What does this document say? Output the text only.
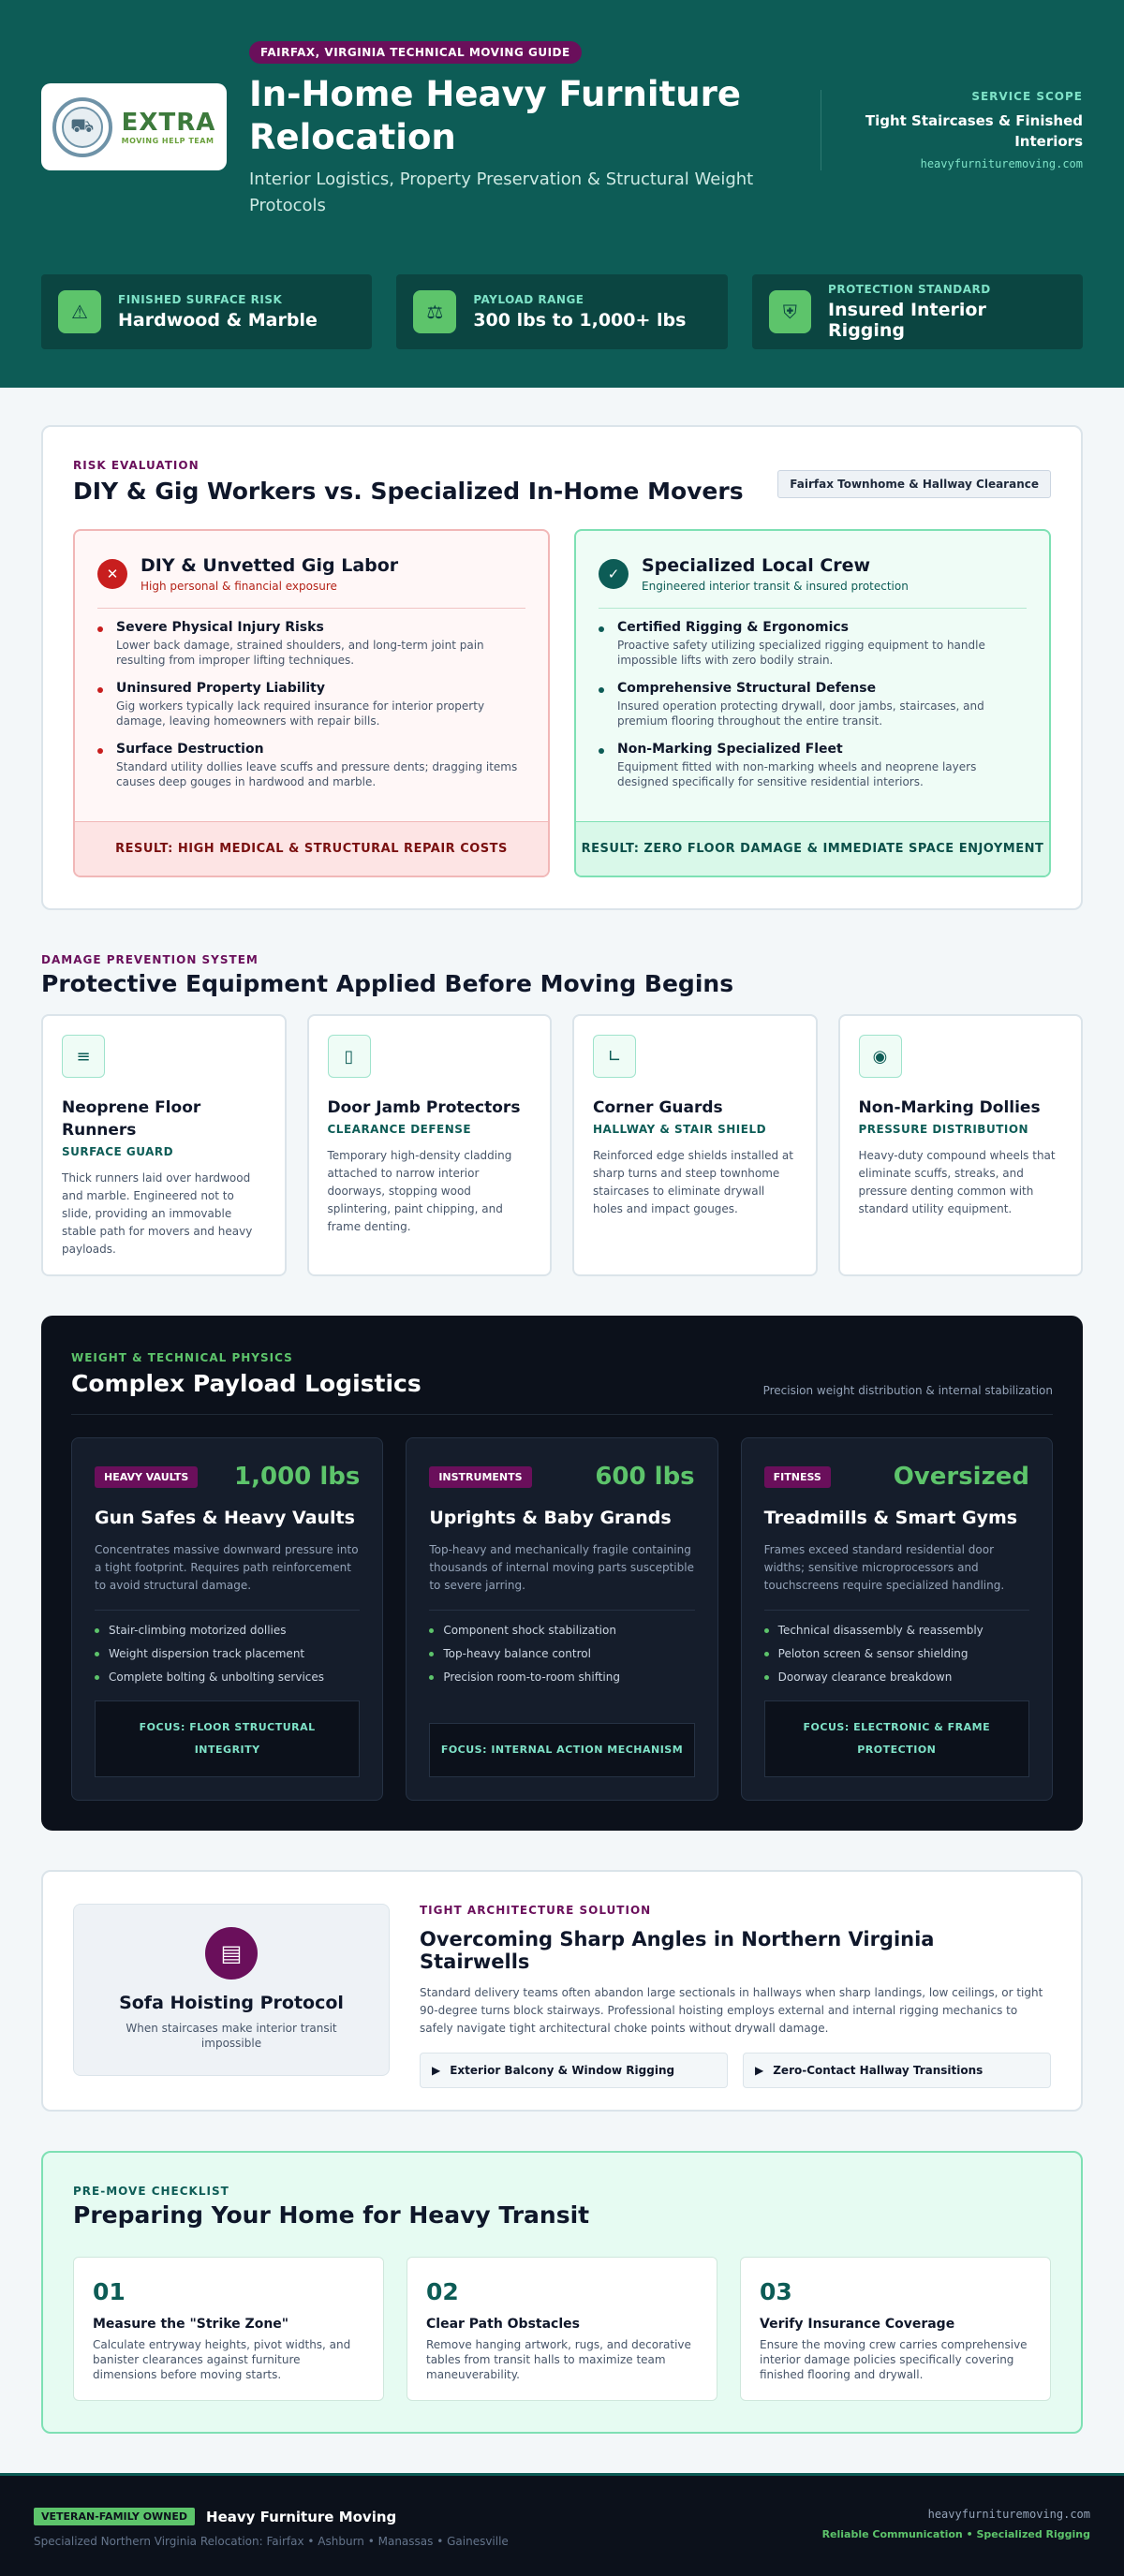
⛟	EXTRA
MOVING HELP TEAM
FAIRFAX, VIRGINIA TECHNICAL MOVING GUIDE
In-Home Heavy Furniture Relocation

Interior Logistics, Property Preservation & Structural Weight Protocols

SERVICE SCOPE
Tight Staircases & Finished Interiors
heavyfurnituremoving.com
⚠
FINISHED SURFACE RISK
Hardwood & Marble	⚖
PAYLOAD RANGE
300 lbs to 1,000+ lbs	⛨
PROTECTION STANDARD
Insured Interior Rigging
RISK EVALUATION
DIY & Gig Workers vs. Specialized In-Home Movers	Fairfax Townhome & Hallway Clearance
✕	DIY & Unvetted Gig Labor
High personal & financial exposure
Severe Physical Injury Risks
Lower back damage, strained shoulders, and long-term joint pain resulting from improper lifting techniques.
Uninsured Property Liability
Gig workers typically lack required insurance for interior property damage, leaving homeowners with repair bills.
Surface Destruction
Standard utility dollies leave scuffs and pressure dents; dragging items causes deep gouges in hardwood and marble.
RESULT: HIGH MEDICAL & STRUCTURAL REPAIR COSTS
✓	Specialized Local Crew
Engineered interior transit & insured protection
Certified Rigging & Ergonomics
Proactive safety utilizing specialized rigging equipment to handle impossible lifts with zero bodily strain.
Comprehensive Structural Defense
Insured operation protecting drywall, door jambs, staircases, and premium flooring throughout the entire transit.
Non-Marking Specialized Fleet
Equipment fitted with non-marking wheels and neoprene layers designed specifically for sensitive residential interiors.
RESULT: ZERO FLOOR DAMAGE & IMMEDIATE SPACE ENJOYMENT
DAMAGE PREVENTION SYSTEM
Protective Equipment Applied Before Moving Begins
≡
Neoprene Floor Runners
SURFACE GUARD
Thick runners laid over hardwood and marble. Engineered not to slide, providing an immovable stable path for movers and heavy payloads.
▯
Door Jamb Protectors
CLEARANCE DEFENSE
Temporary high-density cladding attached to narrow interior doorways, stopping wood splintering, paint chipping, and frame denting.
∟
Corner Guards
HALLWAY & STAIR SHIELD
Reinforced edge shields installed at sharp turns and steep townhome staircases to eliminate drywall holes and impact gouges.
◉
Non-Marking Dollies
PRESSURE DISTRIBUTION
Heavy-duty compound wheels that eliminate scuffs, streaks, and pressure denting common with standard utility equipment.
WEIGHT & TECHNICAL PHYSICS
Complex Payload Logistics	Precision weight distribution & internal stabilization
HEAVY VAULTS	1,000 lbs
Gun Safes & Heavy Vaults
Concentrates massive downward pressure into a tight footprint. Requires path reinforcement to avoid structural damage.
Stair-climbing motorized dollies
Weight dispersion track placement
Complete bolting & unbolting services
FOCUS: FLOOR STRUCTURAL INTEGRITY
INSTRUMENTS	600 lbs
Uprights & Baby Grands
Top-heavy and mechanically fragile containing thousands of internal moving parts susceptible to severe jarring.
Component shock stabilization
Top-heavy balance control
Precision room-to-room shifting
FOCUS: INTERNAL ACTION MECHANISM
FITNESS	Oversized
Treadmills & Smart Gyms
Frames exceed standard residential door widths; sensitive microprocessors and touchscreens require specialized handling.
Technical disassembly & reassembly
Peloton screen & sensor shielding
Doorway clearance breakdown
FOCUS: ELECTRONIC & FRAME PROTECTION
▤
Sofa Hoisting Protocol
When staircases make interior transit impossible
TIGHT ARCHITECTURE SOLUTION
Overcoming Sharp Angles in Northern Virginia Stairwells

Standard delivery teams often abandon large sectionals in hallways when sharp landings, low ceilings, or tight 90-degree turns block stairways. Professional hoisting employs external and internal rigging mechanics to safely navigate tight architectural choke points without drywall damage.

▶ Exterior Balcony & Window Rigging	▶ Zero-Contact Hallway Transitions
PRE-MOVE CHECKLIST
Preparing Your Home for Heavy Transit
01
Measure the "Strike Zone"
Calculate entryway heights, pivot widths, and banister clearances against furniture dimensions before moving starts.
02
Clear Path Obstacles
Remove hanging artwork, rugs, and decorative tables from transit halls to maximize team maneuverability.
03
Verify Insurance Coverage
Ensure the moving crew carries comprehensive interior damage policies specifically covering finished flooring and drywall.
VETERAN-FAMILY OWNED	Heavy Furniture Moving
Specialized Northern Virginia Relocation: Fairfax • Ashburn • Manassas • Gainesville
heavyfurnituremoving.com
Reliable Communication • Specialized Rigging
